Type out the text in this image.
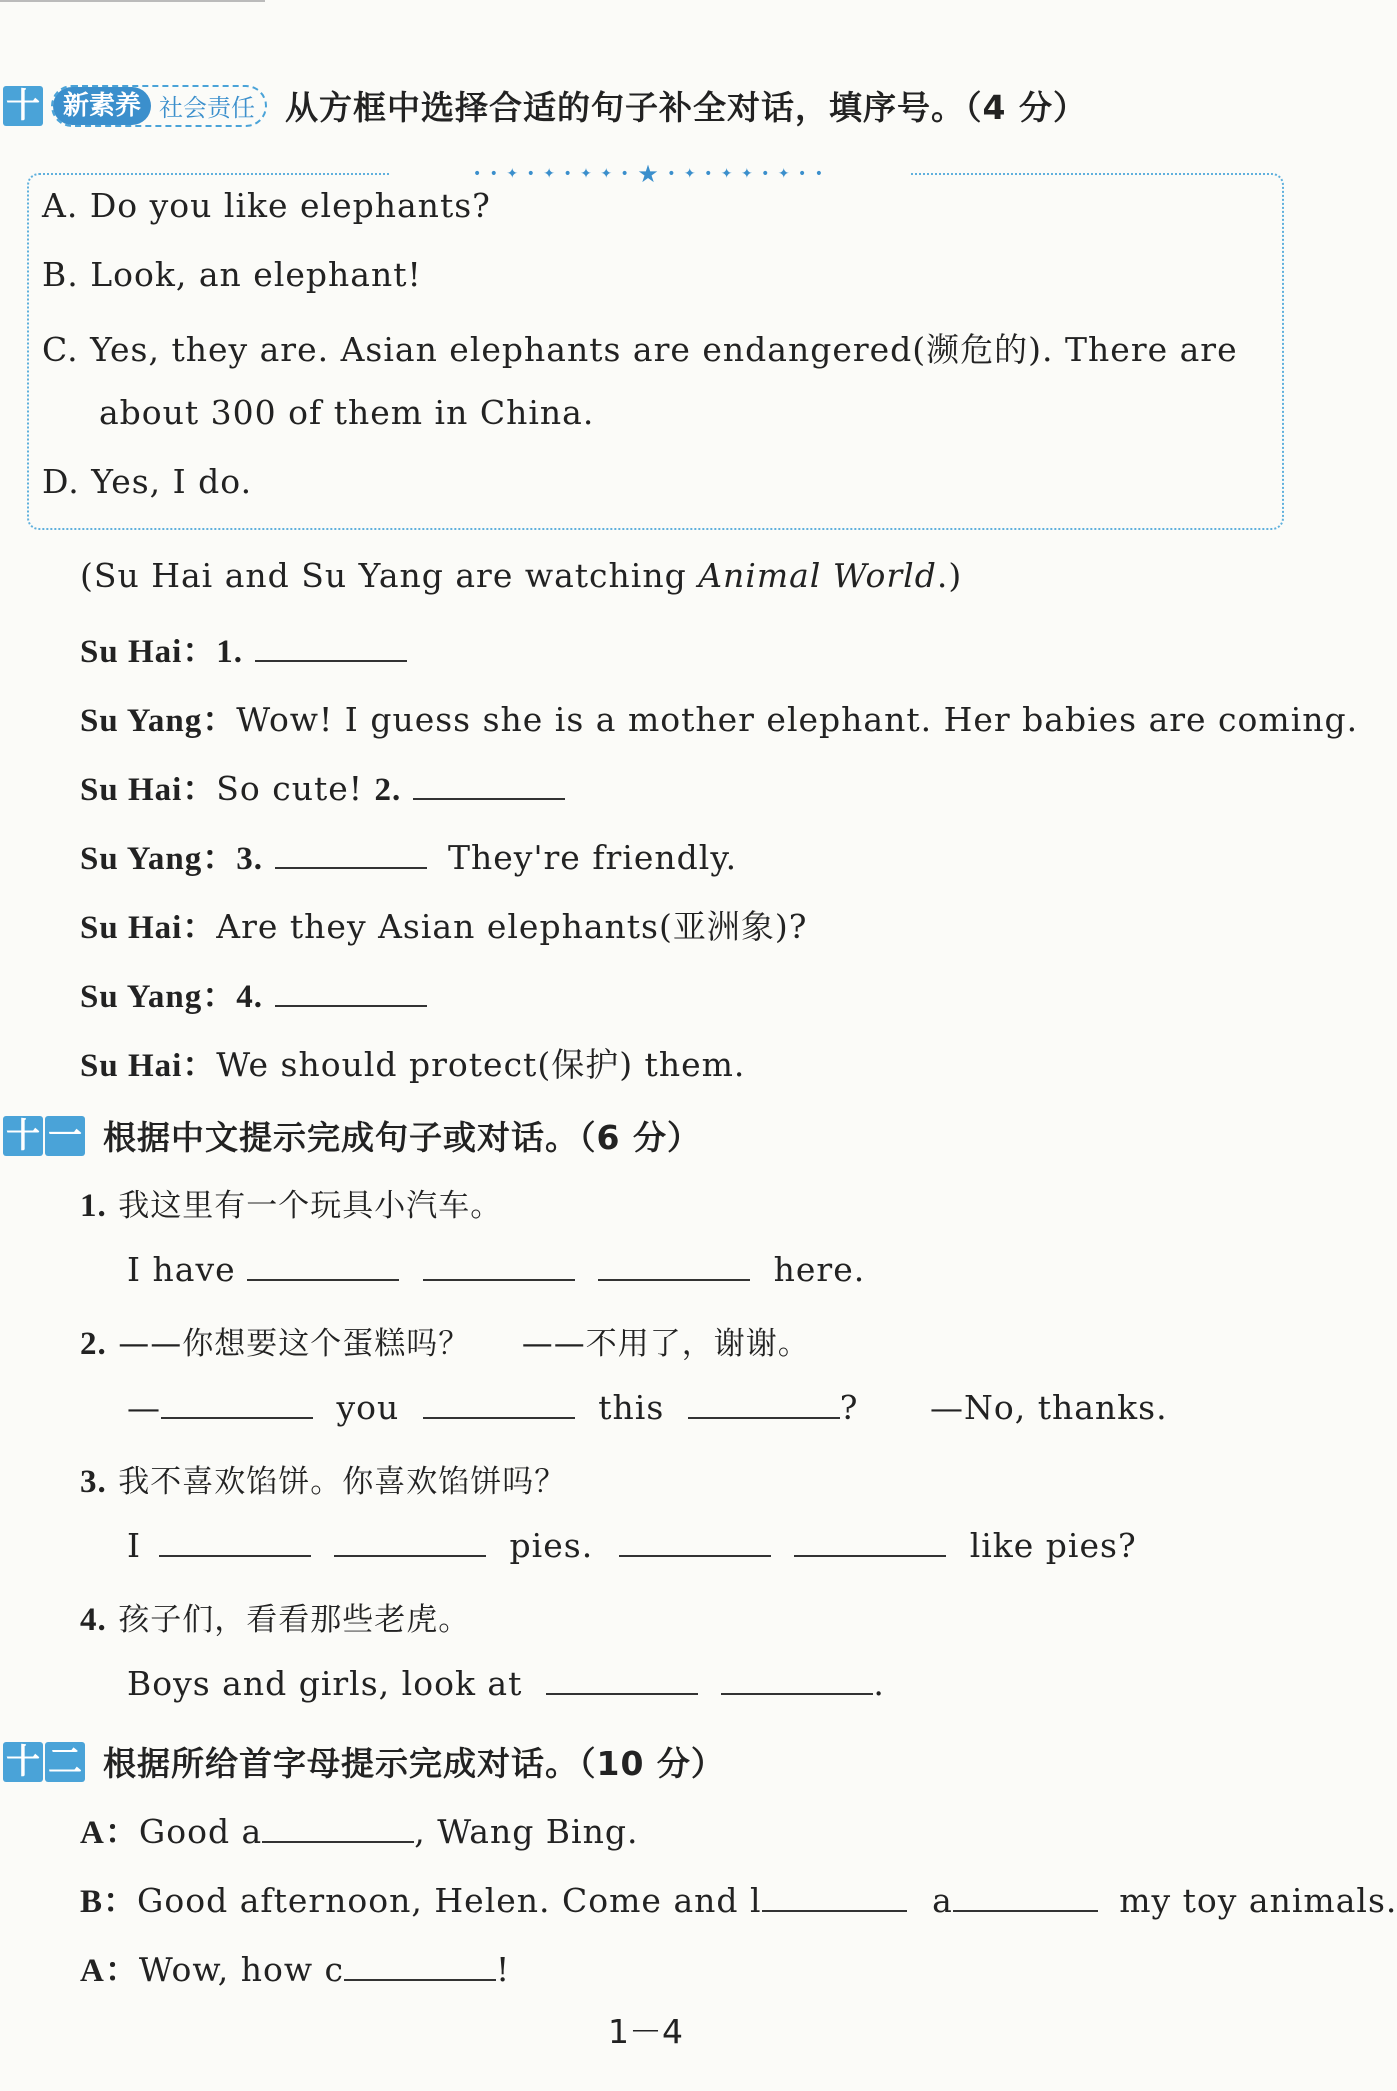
十 新素养 社会责任 从方框中选择合适的句子补全对话，填序号。（4 分）
• • ✦ • ✦ • ✦ ✦ • ★ • ✦ • ✦ ✦ • ✦ • •
A. Do you like elephants?
B. Look, an elephant!
C. Yes, they are. Asian elephants are endangered(濒危的). There are
about 300 of them in China.
D. Yes, I do.
(Su Hai and Su Yang are watching Animal World.)
Su Hai：1.
Su Yang：Wow! I guess she is a mother elephant. Her babies are coming.
Su Hai：So cute! 2.
Su Yang：3.	They're friendly.
Su Hai：Are they Asian elephants(亚洲象)?
Su Yang：4.
Su Hai：We should protect(保护) them.
十 一 根据中文提示完成句子或对话。（6 分）
1. 我这里有一个玩具小汽车。
I have	here.
2. ——你想要这个蛋糕吗？ ——不用了，谢谢。
—	you	this	? —No, thanks.
3. 我不喜欢馅饼。你喜欢馅饼吗？
I	pies.	like pies?
4. 孩子们，看看那些老虎。
Boys and girls, look at	.
十 二 根据所给首字母提示完成对话。（10 分）
A：Good a	, Wang Bing.
B：Good afternoon, Helen. Come and l	a	my toy animals.
A：Wow, how c	!
1－4
